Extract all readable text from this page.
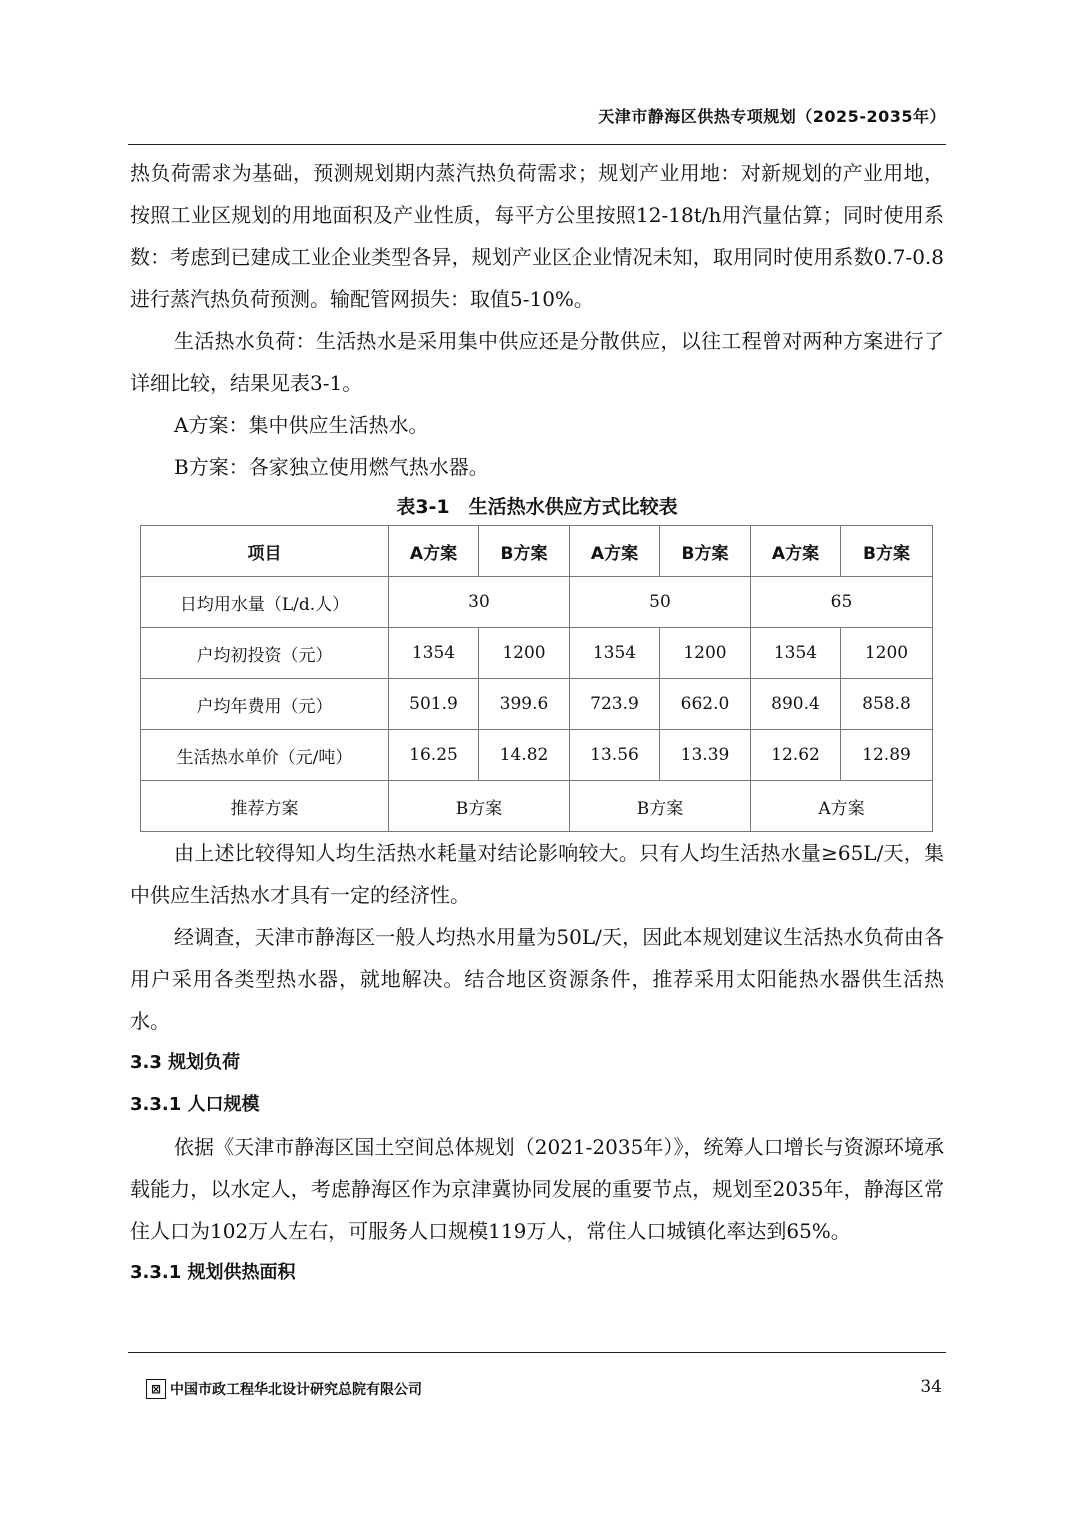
天津市静海区供热专项规划（2025-2035年）

热负荷需求为基础，预测规划期内蒸汽热负荷需求；规划产业用地：对新规划的产业用地，按照工业区规划的用地面积及产业性质，每平方公里按照12-18t/h用汽量估算；同时使用系数：考虑到已建成工业企业类型各异，规划产业区企业情况未知，取用同时使用系数0.7-0.8进行蒸汽热负荷预测。输配管网损失：取值5-10%。

生活热水负荷：生活热水是采用集中供应还是分散供应，以往工程曾对两种方案进行了详细比较，结果见表3-1。

A方案：集中供应生活热水。

B方案：各家独立使用燃气热水器。

表3-1　生活热水供应方式比较表
项目	A方案	B方案	A方案	B方案	A方案	B方案
日均用水量（L/d.人）	30		50		65	
户均初投资（元）	1354	1200	1354	1200	1354	1200
户均年费用（元）	501.9	399.6	723.9	662.0	890.4	858.8
生活热水单价（元/吨）	16.25	14.82	13.56	13.39	12.62	12.89
推荐方案	B方案		B方案		A方案	

由上述比较得知人均生活热水耗量对结论影响较大。只有人均生活热水量≥65L/天，集中供应生活热水才具有一定的经济性。

经调查，天津市静海区一般人均热水用量为50L/天，因此本规划建议生活热水负荷由各用户采用各类型热水器，就地解决。结合地区资源条件，推荐采用太阳能热水器供生活热水。

3.3 规划负荷
3.3.1 人口规模

依据《天津市静海区国土空间总体规划（2021-2035年）》，统筹人口增长与资源环境承载能力，以水定人，考虑静海区作为京津冀协同发展的重要节点，规划至2035年，静海区常住人口为102万人左右，可服务人口规模119万人，常住人口城镇化率达到65%。

3.3.1 规划供热面积
⊠ 中国市政工程华北设计研究总院有限公司	34
